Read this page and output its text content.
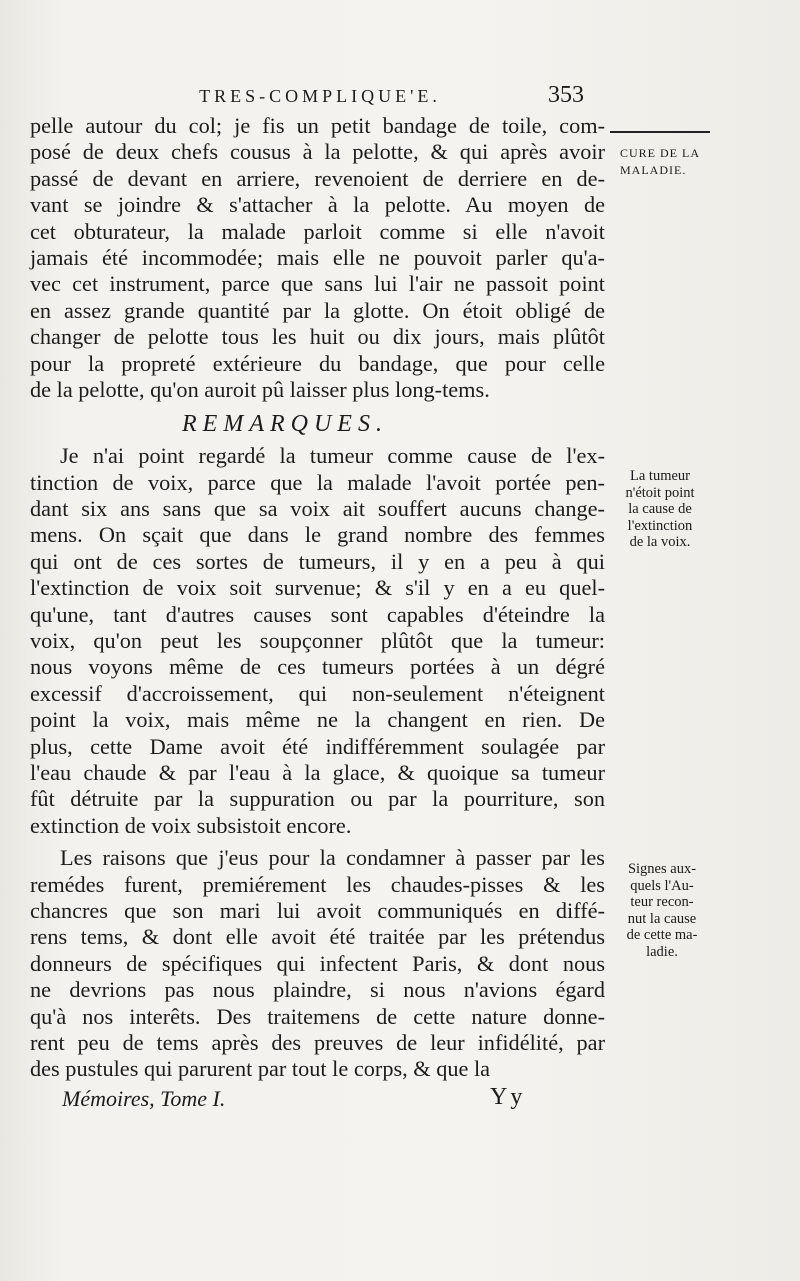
TRES-COMPLIQUE'E.	353
pelle autour du col; je fis un petit bandage de toile, com-
posé de deux chefs cousus à la pelotte, & qui après avoir
passé de devant en arriere, revenoient de derriere en de-
vant se joindre & s'attacher à la pelotte. Au moyen de
cet obturateur, la malade parloit comme si elle n'avoit
jamais été incommodée; mais elle ne pouvoit parler qu'a-
vec cet instrument, parce que sans lui l'air ne passoit point
en assez grande quantité par la glotte. On étoit obligé de
changer de pelotte tous les huit ou dix jours, mais plûtôt
pour la propreté extérieure du bandage, que pour celle
de la pelotte, qu'on auroit pû laisser plus long-tems.
REMARQUES.
Je n'ai point regardé la tumeur comme cause de l'ex-
tinction de voix, parce que la malade l'avoit portée pen-
dant six ans sans que sa voix ait souffert aucuns change-
mens. On sçait que dans le grand nombre des femmes
qui ont de ces sortes de tumeurs, il y en a peu à qui
l'extinction de voix soit survenue; & s'il y en a eu quel-
qu'une, tant d'autres causes sont capables d'éteindre la
voix, qu'on peut les soupçonner plûtôt que la tumeur:
nous voyons même de ces tumeurs portées à un dégré
excessif d'accroissement, qui non-seulement n'éteignent
point la voix, mais même ne la changent en rien. De
plus, cette Dame avoit été indifféremment soulagée par
l'eau chaude & par l'eau à la glace, & quoique sa tumeur
fût détruite par la suppuration ou par la pourriture, son
extinction de voix subsistoit encore.
Les raisons que j'eus pour la condamner à passer par les
remédes furent, premiérement les chaudes-pisses & les
chancres que son mari lui avoit communiqués en diffé-
rens tems, & dont elle avoit été traitée par les prétendus
donneurs de spécifiques qui infectent Paris, & dont nous
ne devrions pas nous plaindre, si nous n'avions égard
qu'à nos interêts. Des traitemens de cette nature donne-
rent peu de tems après des preuves de leur infidélité, par
des pustules qui parurent par tout le corps, & que la
CURE DE LA
MALADIE.
La tumeur
n'étoit point
la cause de
l'extinction
de la voix.
Signes aux-
quels l'Au-
teur recon-
nut la cause
de cette ma-
ladie.
Mémoires, Tome I.	Yy
